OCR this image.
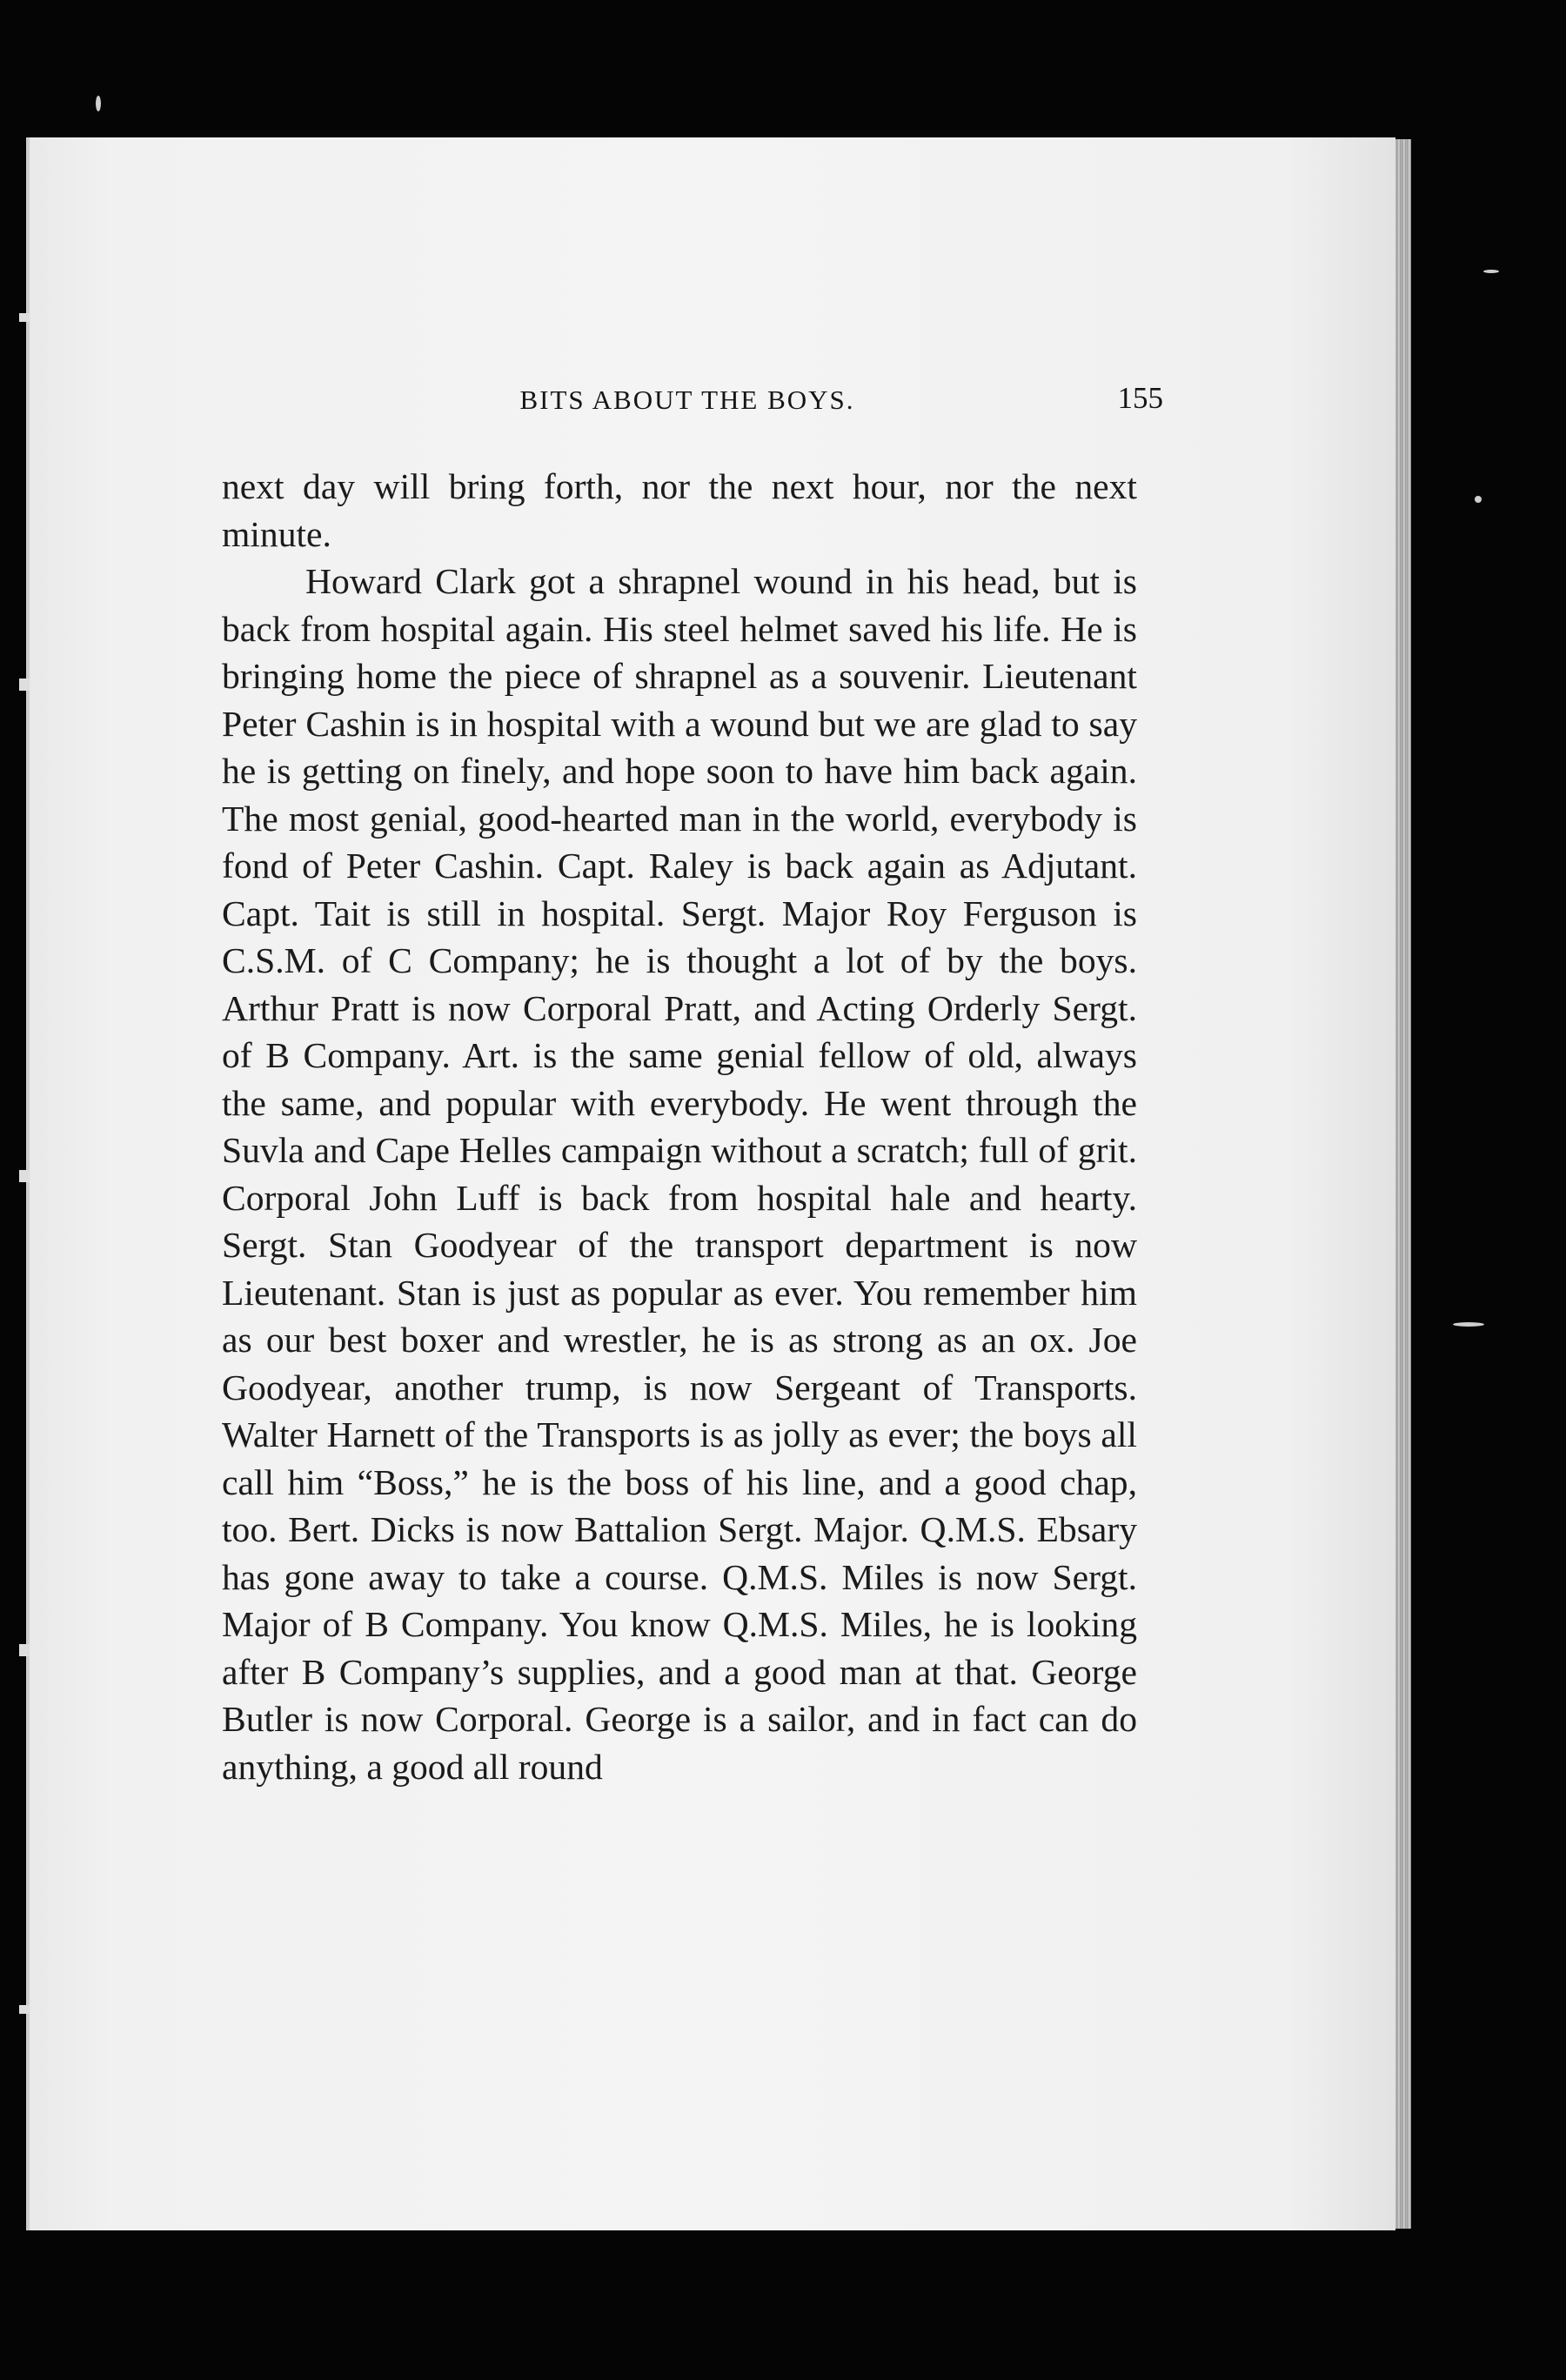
BITS ABOUT THE BOYS.	155

next day will bring forth, nor the next hour, nor the next minute.

Howard Clark got a shrapnel wound in his head, but is back from hospital again. His steel helmet saved his life. He is bringing home the piece of shrapnel as a souvenir. Lieutenant Peter Cashin is in hospital with a wound but we are glad to say he is getting on finely, and hope soon to have him back again. The most genial, good-hearted man in the world, everybody is fond of Peter Cashin. Capt. Raley is back again as Adjutant. Capt. Tait is still in hospital. Sergt. Major Roy Ferguson is C.S.M. of C Company; he is thought a lot of by the boys. Arthur Pratt is now Corporal Pratt, and Acting Orderly Sergt. of B Company. Art. is the same genial fellow of old, always the same, and popular with everybody. He went through the Suvla and Cape Helles campaign without a scratch; full of grit. Corporal John Luff is back from hospital hale and hearty. Sergt. Stan Goodyear of the transport department is now Lieutenant. Stan is just as popular as ever. You remember him as our best boxer and wrestler, he is as strong as an ox. Joe Goodyear, another trump, is now Sergeant of Transports. Walter Harnett of the Transports is as jolly as ever; the boys all call him “Boss,” he is the boss of his line, and a good chap, too. Bert. Dicks is now Battalion Sergt. Major. Q.M.S. Ebsary has gone away to take a course. Q.M.S. Miles is now Sergt. Major of B Company. You know Q.M.S. Miles, he is looking after B Company’s supplies, and a good man at that. George Butler is now Corporal. George is a sailor, and in fact can do anything, a good all round
